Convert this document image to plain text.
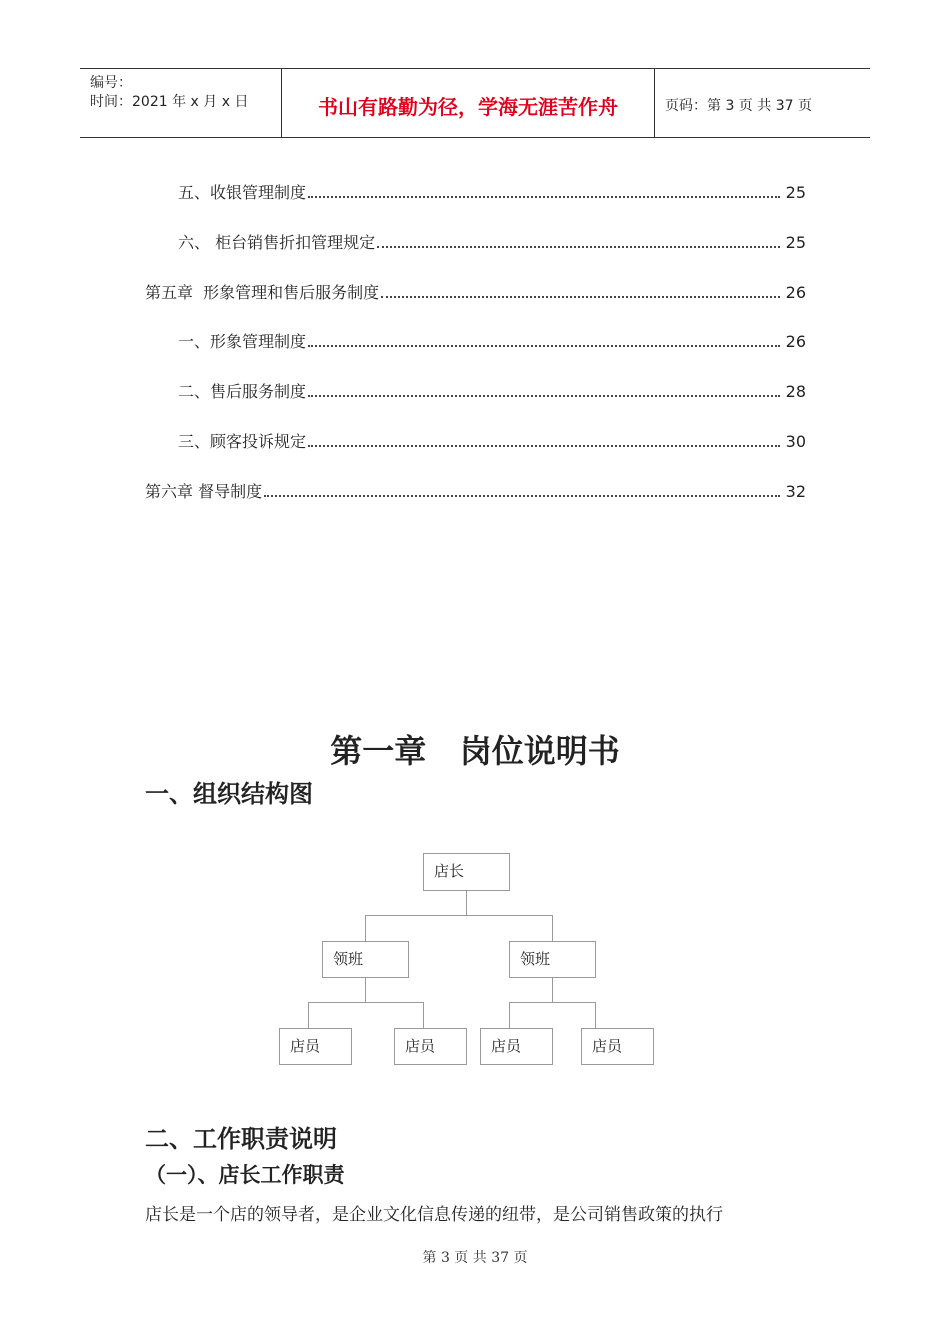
编号：
时间：2021 年 x 月 x 日	书山有路勤为径，学海无涯苦作舟	页码：第 3 页 共 37 页
五、收银管理制度	25
六、 柜台销售折扣管理规定	25
第五章  形象管理和售后服务制度	26
一、形象管理制度	26
二、售后服务制度	28
三、顾客投诉规定	30
第六章 督导制度	32
第一章   岗位说明书
一、组织结构图
店长
领班	领班
店员	店员	店员	店员
二、工作职责说明
（一）、店长工作职责
店长是一个店的领导者，是企业文化信息传递的纽带，是公司销售政策的执行
第 3 页 共 37 页
